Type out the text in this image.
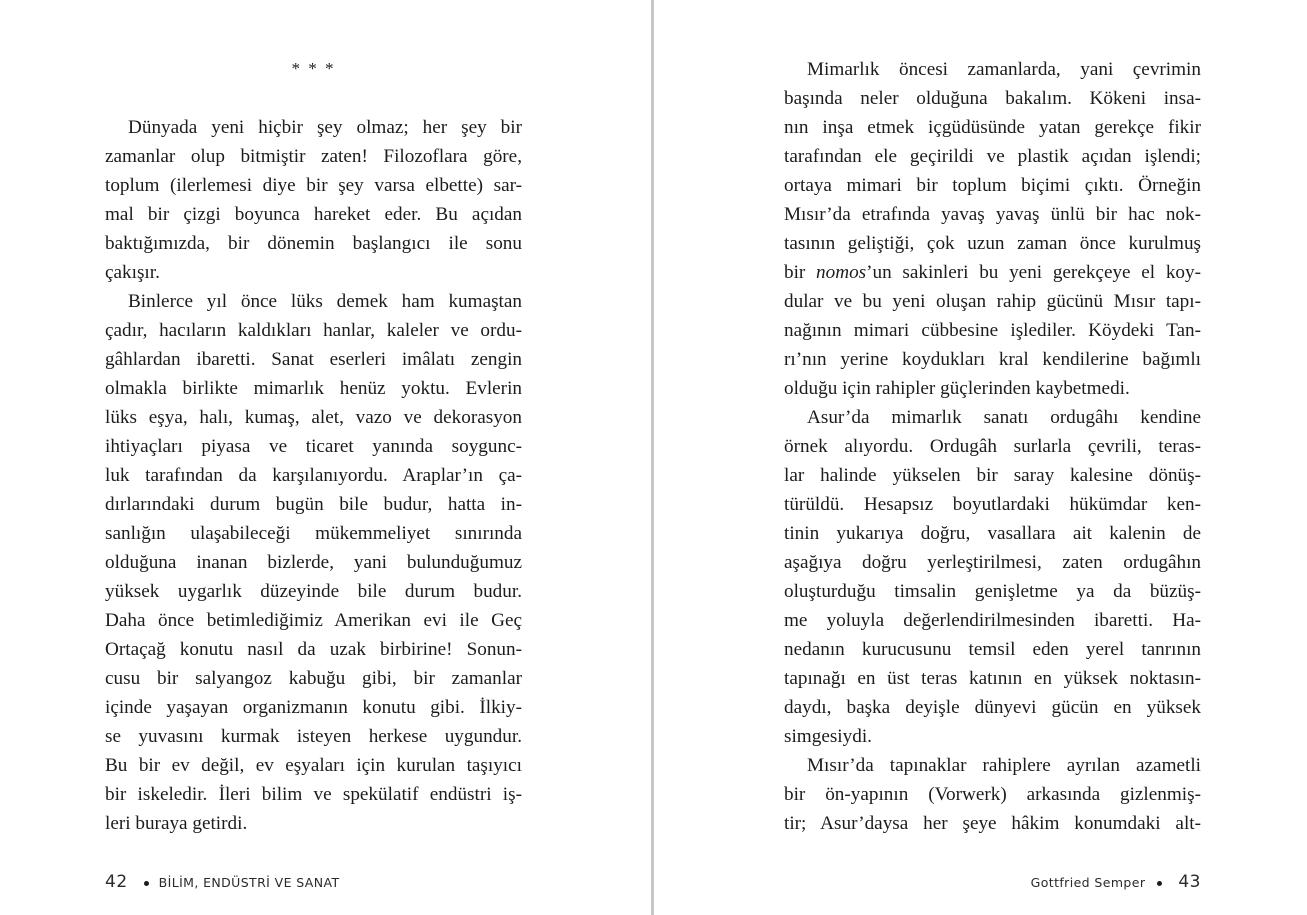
* * *
Dünyada yeni hiçbir şey olmaz; her şey bir
zamanlar olup bitmiştir zaten! Filozoflara göre,
toplum (ilerlemesi diye bir şey varsa elbette) sar-
mal bir çizgi boyunca hareket eder. Bu açıdan
baktığımızda, bir dönemin başlangıcı ile sonu
çakışır.
Binlerce yıl önce lüks demek ham kumaştan
çadır, hacıların kaldıkları hanlar, kaleler ve ordu-
gâhlardan ibaretti. Sanat eserleri imâlatı zengin
olmakla birlikte mimarlık henüz yoktu. Evlerin
lüks eşya, halı, kumaş, alet, vazo ve dekorasyon
ihtiyaçları piyasa ve ticaret yanında soygunc-
luk tarafından da karşılanıyordu. Araplar’ın ça-
dırlarındaki durum bugün bile budur, hatta in-
sanlığın ulaşabileceği mükemmeliyet sınırında
olduğuna inanan bizlerde, yani bulunduğumuz
yüksek uygarlık düzeyinde bile durum budur.
Daha önce betimlediğimiz Amerikan evi ile Geç
Ortaçağ konutu nasıl da uzak birbirine! Sonun-
cusu bir salyangoz kabuğu gibi, bir zamanlar
içinde yaşayan organizmanın konutu gibi. İlkiy-
se yuvasını kurmak isteyen herkese uygundur.
Bu bir ev değil, ev eşyaları için kurulan taşıyıcı
bir iskeledir. İleri bilim ve spekülatif endüstri iş-
leri buraya getirdi.
42 BİLİM, ENDÜSTRİ VE SANAT
Mimarlık öncesi zamanlarda, yani çevrimin
başında neler olduğuna bakalım. Kökeni insa-
nın inşa etmek içgüdüsünde yatan gerekçe fikir
tarafından ele geçirildi ve plastik açıdan işlendi;
ortaya mimari bir toplum biçimi çıktı. Örneğin
Mısır’da etrafında yavaş yavaş ünlü bir hac nok-
tasının geliştiği, çok uzun zaman önce kurulmuş
bir nomos’un sakinleri bu yeni gerekçeye el koy-
dular ve bu yeni oluşan rahip gücünü Mısır tapı-
nağının mimari cübbesine işlediler. Köydeki Tan-
rı’nın yerine koydukları kral kendilerine bağımlı
olduğu için rahipler güçlerinden kaybetmedi.
Asur’da mimarlık sanatı ordugâhı kendine
örnek alıyordu. Ordugâh surlarla çevrili, teras-
lar halinde yükselen bir saray kalesine dönüş-
türüldü. Hesapsız boyutlardaki hükümdar ken-
tinin yukarıya doğru, vasallara ait kalenin de
aşağıya doğru yerleştirilmesi, zaten ordugâhın
oluşturduğu timsalin genişletme ya da büzüş-
me yoluyla değerlendirilmesinden ibaretti. Ha-
nedanın kurucusunu temsil eden yerel tanrının
tapınağı en üst teras katının en yüksek noktasın-
daydı, başka deyişle dünyevi gücün en yüksek
simgesiydi.
Mısır’da tapınaklar rahiplere ayrılan azametli
bir ön-yapının (Vorwerk) arkasında gizlenmiş-
tir; Asur’daysa her şeye hâkim konumdaki alt-
Gottfried Semper 43
